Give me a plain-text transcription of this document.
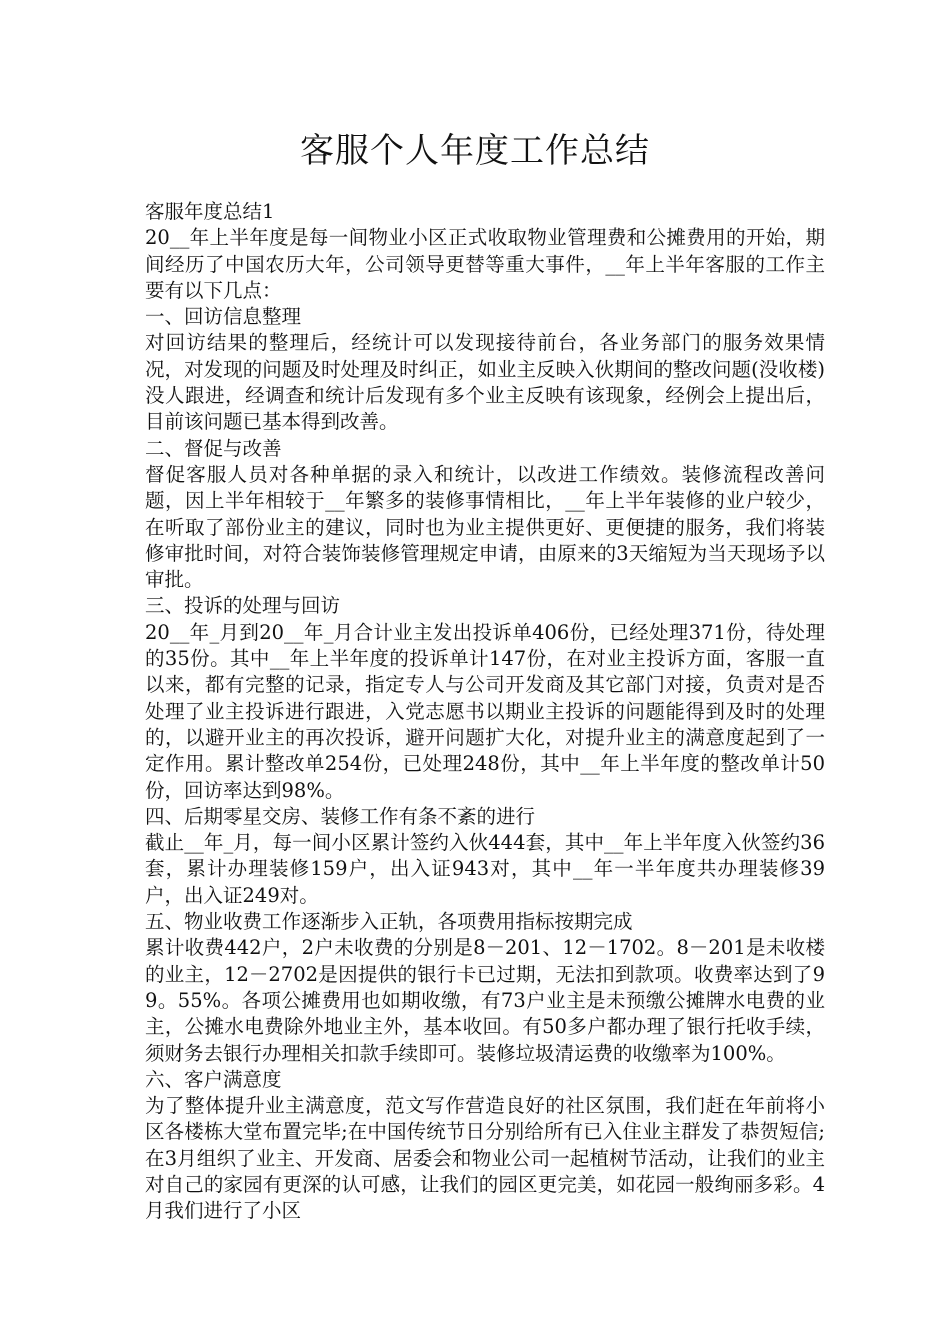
客服个人年度工作总结

客服年度总结1

20__年上半年度是每一间物业小区正式收取物业管理费和公摊费用的开始，期间经历了中国农历大年，公司领导更替等重大事件，__年上半年客服的工作主要有以下几点：

一、回访信息整理

对回访结果的整理后，经统计可以发现接待前台，各业务部门的服务效果情况，对发现的问题及时处理及时纠正，如业主反映入伙期间的整改问题(没收楼)没人跟进，经调查和统计后发现有多个业主反映有该现象，经例会上提出后，目前该问题已基本得到改善。

二、督促与改善

督促客服人员对各种单据的录入和统计，以改进工作绩效。装修流程改善问题，因上半年相较于__年繁多的装修事情相比，__年上半年装修的业户较少，在听取了部份业主的建议，同时也为业主提供更好、更便捷的服务，我们将装修审批时间，对符合装饰装修管理规定申请，由原来的3天缩短为当天现场予以审批。

三、投诉的处理与回访

20__年_月到20__年_月合计业主发出投诉单406份，已经处理371份，待处理的35份。其中__年上半年度的投诉单计147份，在对业主投诉方面，客服一直以来，都有完整的记录，指定专人与公司开发商及其它部门对接，负责对是否处理了业主投诉进行跟进，入党志愿书以期业主投诉的问题能得到及时的处理的，以避开业主的再次投诉，避开问题扩大化，对提升业主的满意度起到了一定作用。累计整改单254份，已处理248份，其中__年上半年度的整改单计50份，回访率达到98%。

四、后期零星交房、装修工作有条不紊的进行

截止__年_月，每一间小区累计签约入伙444套，其中__年上半年度入伙签约36套，累计办理装修159户，出入证943对，其中__年一半年度共办理装修39户，出入证249对。

五、物业收费工作逐渐步入正轨，各项费用指标按期完成

累计收费442户，2户未收费的分别是8－201、12－1702。8－201是未收楼的业主，12－2702是因提供的银行卡已过期，无法扣到款项。收费率达到了99。55%。各项公摊费用也如期收缴，有73户业主是未预缴公摊牌水电费的业主，公摊水电费除外地业主外，基本收回。有50多户都办理了银行托收手续，须财务去银行办理相关扣款手续即可。装修垃圾清运费的收缴率为100%。

六、客户满意度

为了整体提升业主满意度，范文写作营造良好的社区氛围，我们赶在年前将小区各楼栋大堂布置完毕;在中国传统节日分别给所有已入住业主群发了恭贺短信;在3月组织了业主、开发商、居委会和物业公司一起植树节活动，让我们的业主对自己的家园有更深的认可感，让我们的园区更完美，如花园一般绚丽多彩。4月我们进行了小区
